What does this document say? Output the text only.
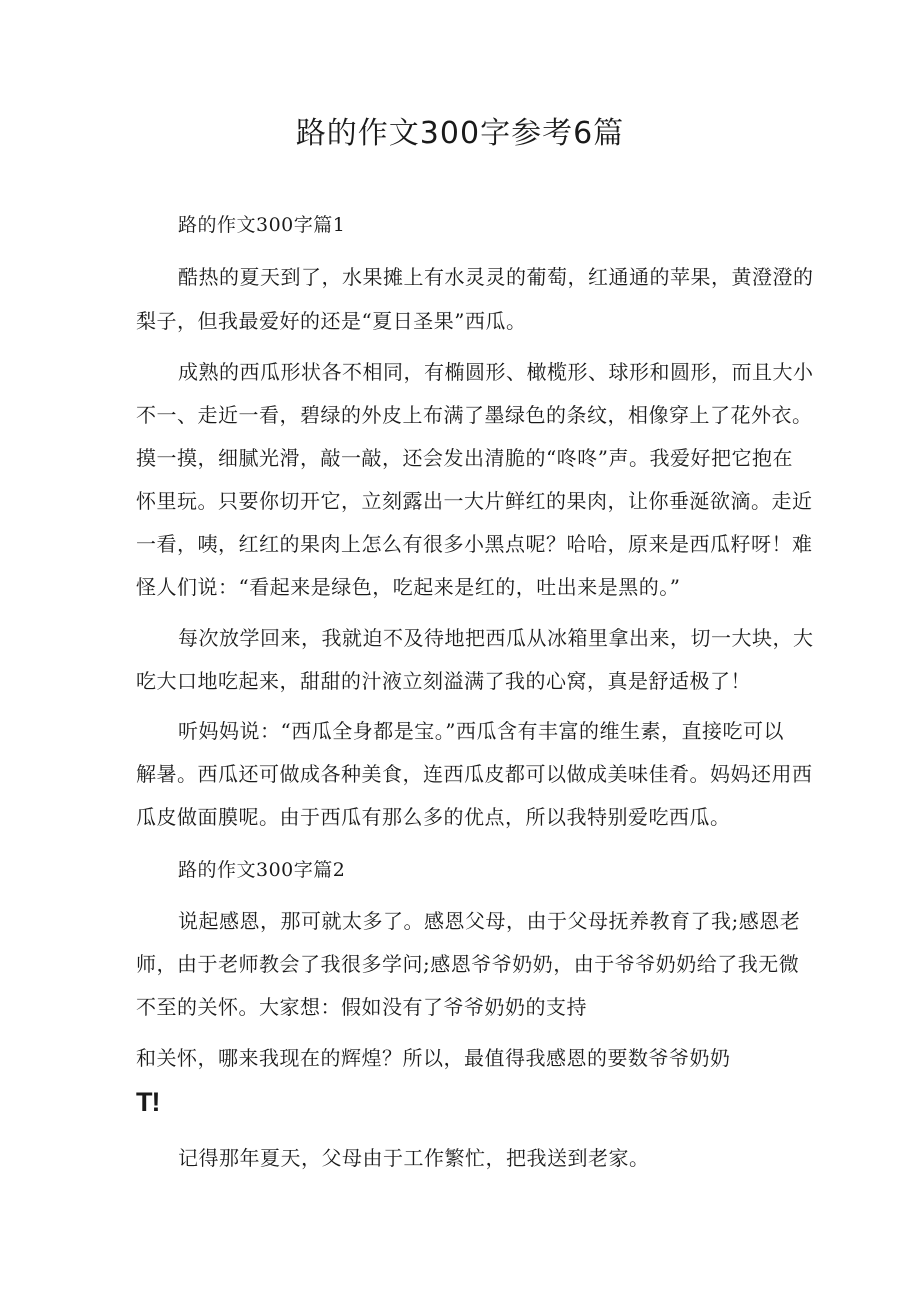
路的作文300字参考6篇
路的作文300字篇1
酷热的夏天到了，水果摊上有水灵灵的葡萄，红通通的苹果，黄澄澄的
梨子，但我最爱好的还是“夏日圣果”西瓜。
成熟的西瓜形状各不相同，有椭圆形、橄榄形、球形和圆形，而且大小
不一、走近一看，碧绿的外皮上布满了墨绿色的条纹，相像穿上了花外衣。
摸一摸，细腻光滑，敲一敲，还会发出清脆的“咚咚”声。我爱好把它抱在
怀里玩。只要你切开它，立刻露出一大片鲜红的果肉，让你垂涎欲滴。走近
一看，咦，红红的果肉上怎么有很多小黑点呢？哈哈，原来是西瓜籽呀！难
怪人们说：“看起来是绿色，吃起来是红的，吐出来是黑的。”
每次放学回来，我就迫不及待地把西瓜从冰箱里拿出来，切一大块，大
吃大口地吃起来，甜甜的汁液立刻溢满了我的心窝，真是舒适极了！
听妈妈说：“西瓜全身都是宝。”西瓜含有丰富的维生素，直接吃可以
解暑。西瓜还可做成各种美食，连西瓜皮都可以做成美味佳肴。妈妈还用西
瓜皮做面膜呢。由于西瓜有那么多的优点，所以我特别爱吃西瓜。
路的作文300字篇2
说起感恩，那可就太多了。感恩父母，由于父母抚养教育了我;感恩老
师，由于老师教会了我很多学问;感恩爷爷奶奶，由于爷爷奶奶给了我无微
不至的关怀。大家想：假如没有了爷爷奶奶的支持
和关怀，哪来我现在的辉煌？所以，最值得我感恩的要数爷爷奶奶
T!
记得那年夏天，父母由于工作繁忙，把我送到老家。
